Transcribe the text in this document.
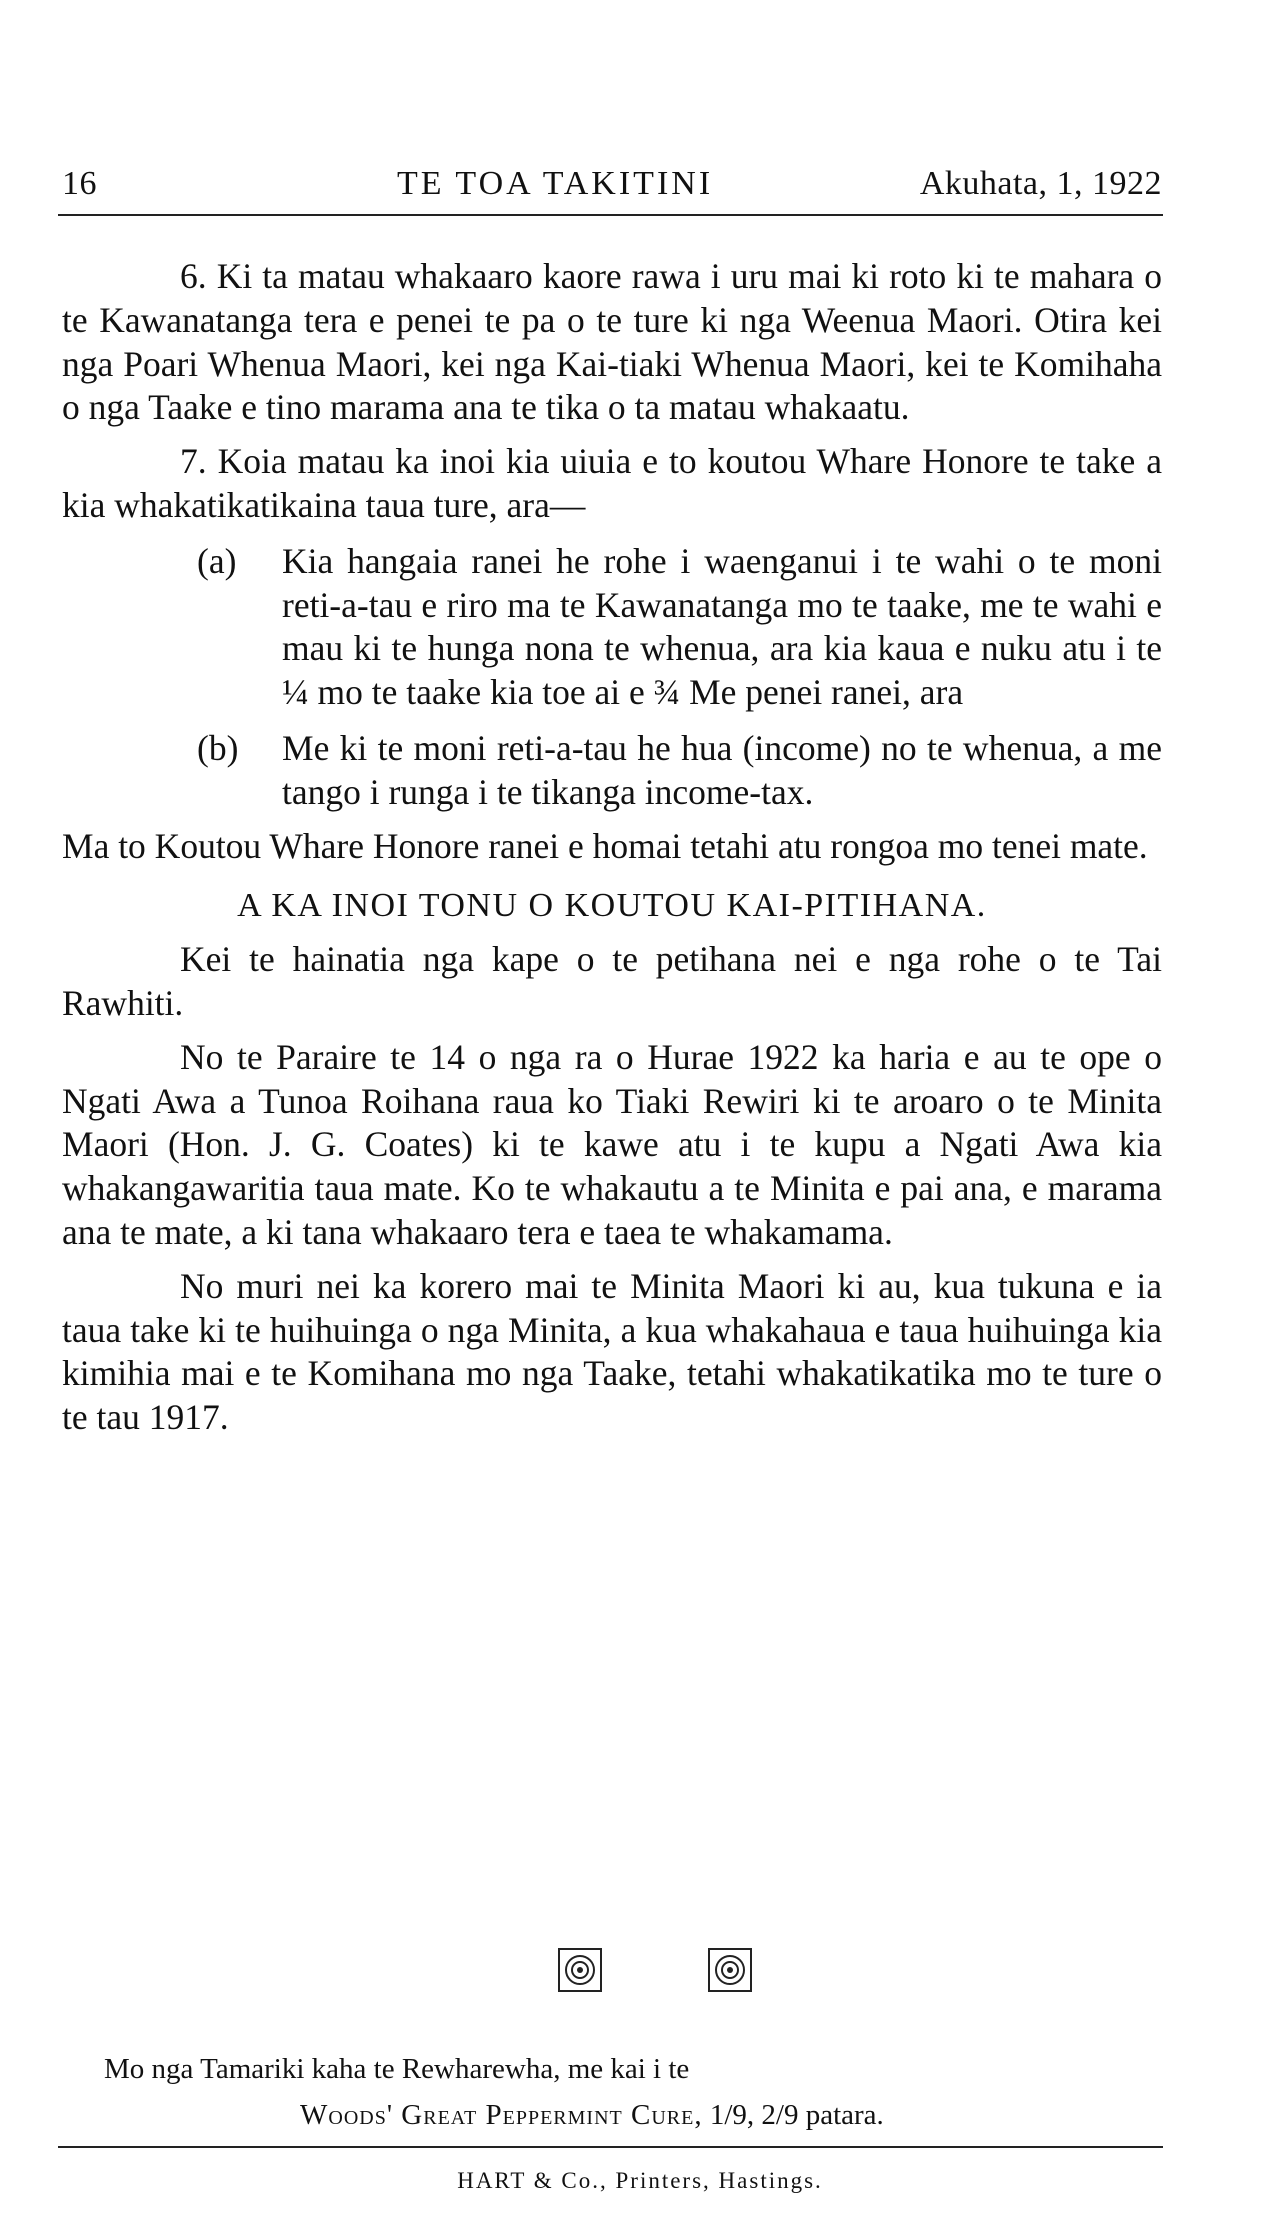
16	TE TOA TAKITINI	Akuhata, 1, 1922

6. Ki ta matau whakaaro kaore rawa i uru mai ki roto ki te mahara o te Kawanatanga tera e penei te pa o te ture ki nga Weenua Maori. Otira kei nga Poari Whenua Maori, kei nga Kai-tiaki Whenua Maori, kei te Komihaha o nga Taake e tino marama ana te tika o ta matau whakaatu.

7. Koia matau ka inoi kia uiuia e to koutou Whare Honore te take a kia whakatikatikaina taua ture, ara—

(a) Kia hangaia ranei he rohe i waenganui i te wahi o te moni reti-a-tau e riro ma te Kawanatanga mo te taake, me te wahi e mau ki te hunga nona te whenua, ara kia kaua e nuku atu i te ¼ mo te taake kia toe ai e ¾ Me penei ranei, ara

(b) Me ki te moni reti-a-tau he hua (income) no te whenua, a me tango i runga i te tikanga income-tax.

Ma to Koutou Whare Honore ranei e homai tetahi atu rongoa mo tenei mate.

A KA INOI TONU O KOUTOU KAI-PITIHANA.

Kei te hainatia nga kape o te petihana nei e nga rohe o te Tai Rawhiti.

No te Paraire te 14 o nga ra o Hurae 1922 ka haria e au te ope o Ngati Awa a Tunoa Roihana raua ko Tiaki Rewiri ki te aroaro o te Minita Maori (Hon. J. G. Coates) ki te kawe atu i te kupu a Ngati Awa kia whakangawaritia taua mate. Ko te whakautu a te Minita e pai ana, e marama ana te mate, a ki tana whakaaro tera e taea te whakamama.

No muri nei ka korero mai te Minita Maori ki au, kua tukuna e ia taua take ki te huihuinga o nga Minita, a kua whakahaua e taua huihuinga kia kimihia mai e te Komihana mo nga Taake, tetahi whakatikatika mo te ture o te tau 1917.

Mo nga Tamariki kaha te Rewharewha, me kai i te
Woods' Great Peppermint Cure, 1/9, 2/9 patara.
HART & Co., Printers, Hastings.
